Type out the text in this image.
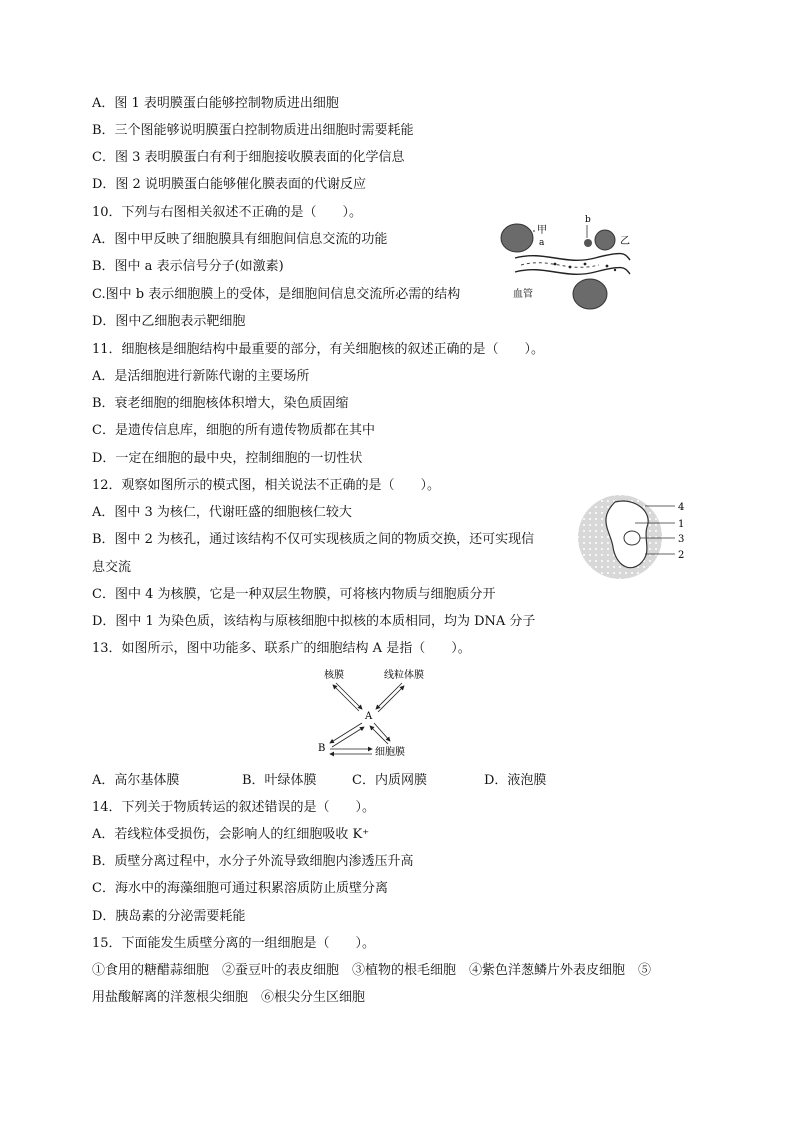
A．图 1 表明膜蛋白能够控制物质进出细胞
B．三个图能够说明膜蛋白控制物质进出细胞时需要耗能
C．图 3 表明膜蛋白有利于细胞接收膜表面的化学信息
D．图 2 说明膜蛋白能够催化膜表面的代谢反应
10．下列与右图相关叙述不正确的是（　　）。
A．图中甲反映了细胞膜具有细胞间信息交流的功能
B．图中 a 表示信号分子(如激素)
C.图中 b 表示细胞膜上的受体，是细胞间信息交流所必需的结构
D．图中乙细胞表示靶细胞
甲
a
b
乙
血管
11．细胞核是细胞结构中最重要的部分，有关细胞核的叙述正确的是（　　）。
A．是活细胞进行新陈代谢的主要场所
B．衰老细胞的细胞核体积增大，染色质固缩
C．是遗传信息库，细胞的所有遗传物质都在其中
D．一定在细胞的最中央，控制细胞的一切性状
12．观察如图所示的模式图，相关说法不正确的是（　　）。
A．图中 3 为核仁，代谢旺盛的细胞核仁较大
B．图中 2 为核孔，通过该结构不仅可实现核质之间的物质交换，还可实现信
息交流
C．图中 4 为核膜，它是一种双层生物膜，可将核内物质与细胞质分开
D．图中 1 为染色质，该结构与原核细胞中拟核的本质相同，均为 DNA 分子
4
1
3
2
13．如图所示，图中功能多、联系广的细胞结构 A 是指（　　）。
核膜	线粒体膜
A
B	细胞膜
A．高尔基体膜	B．叶绿体膜	C．内质网膜	D．液泡膜
14．下列关于物质转运的叙述错误的是（　　）。
A．若线粒体受损伤，会影响人的红细胞吸收 K⁺
B．质壁分离过程中，水分子外流导致细胞内渗透压升高
C．海水中的海藻细胞可通过积累溶质防止质壁分离
D．胰岛素的分泌需要耗能
15．下面能发生质壁分离的一组细胞是（　　）。
①食用的糖醋蒜细胞　②蚕豆叶的表皮细胞　③植物的根毛细胞　④紫色洋葱鳞片外表皮细胞　⑤
用盐酸解离的洋葱根尖细胞　⑥根尖分生区细胞
